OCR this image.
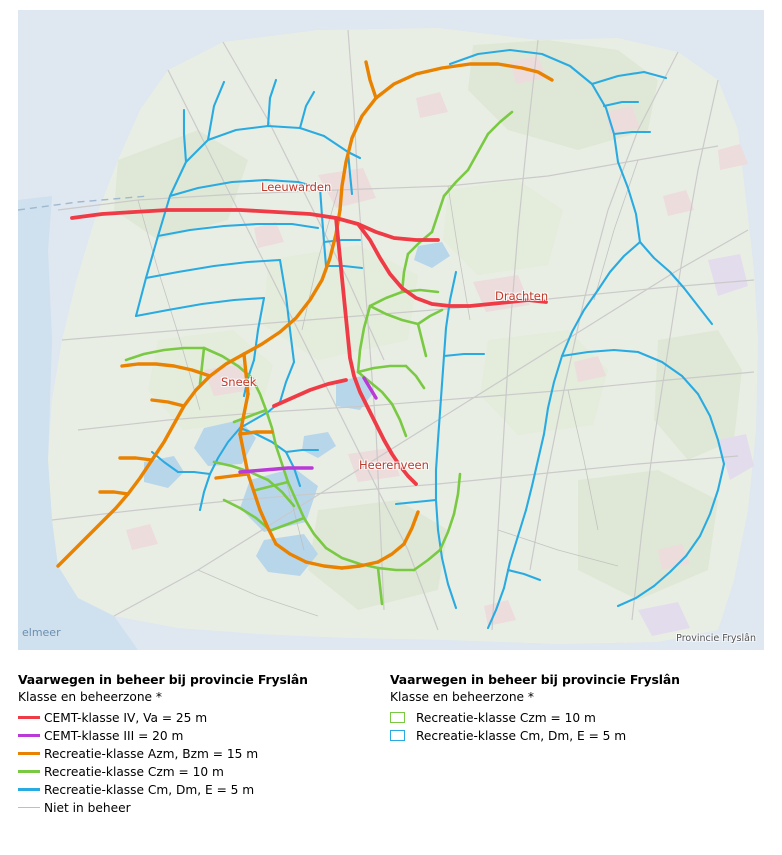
Leeuwarden
Drachten
Sneek
Heerenveen
elmeer	Provincie Fryslân
Vaarwegen in beheer bij provincie Fryslân
Klasse en beheerzone *
CEMT-klasse IV, Va = 25 m
CEMT-klasse III = 20 m
Recreatie-klasse Azm, Bzm = 15 m
Recreatie-klasse Czm = 10 m
Recreatie-klasse Cm, Dm, E = 5 m
Niet in beheer
Vaarwegen in beheer bij provincie Fryslân
Klasse en beheerzone *
Recreatie-klasse Czm = 10 m
Recreatie-klasse Cm, Dm, E = 5 m
